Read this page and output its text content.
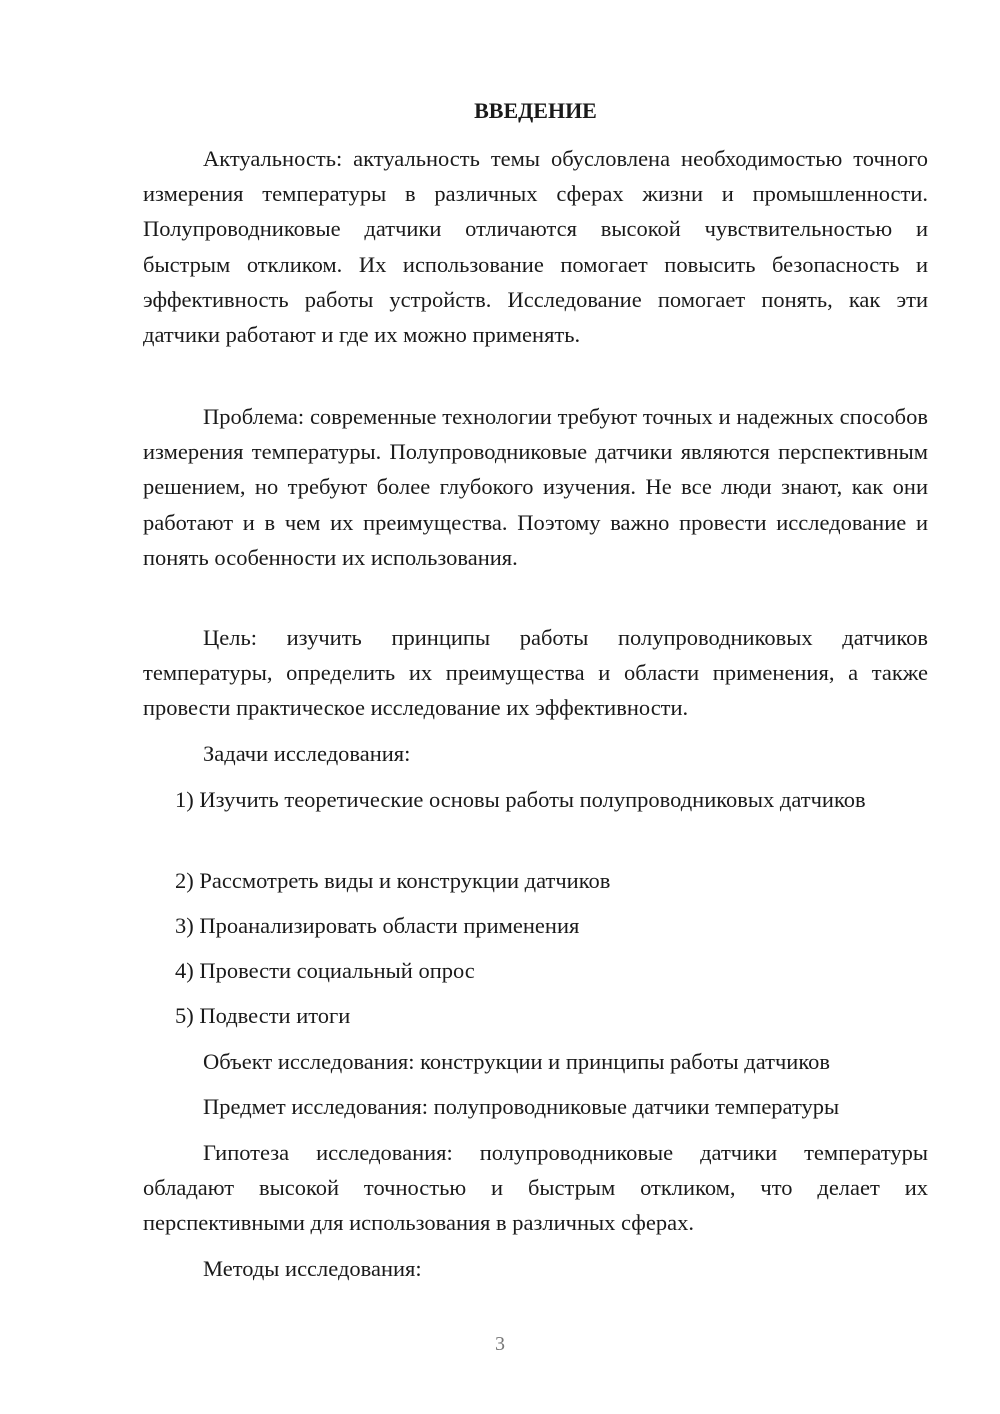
ВВЕДЕНИЕ

Актуальность: актуальность темы обусловлена необходимостью точного измерения температуры в различных сферах жизни и промышленности. Полупроводниковые датчики отличаются высокой чувствительностью и быстрым откликом. Их использование помогает повысить безопасность и эффективность работы устройств. Исследование помогает понять, как эти датчики работают и где их можно применять.

Проблема: современные технологии требуют точных и надежных способов измерения температуры. Полупроводниковые датчики являются перспективным решением, но требуют более глубокого изучения. Не все люди знают, как они работают и в чем их преимущества. Поэтому важно провести исследование и понять особенности их использования.

Цель: изучить принципы работы полупроводниковых датчиков температуры, определить их преимущества и области применения, а также провести практическое исследование их эффективности.

Задачи исследования:

1) Изучить теоретические основы работы полупроводниковых датчиков

2) Рассмотреть виды и конструкции датчиков

3) Проанализировать области применения

4) Провести социальный опрос

5) Подвести итоги

Объект исследования: конструкции и принципы работы датчиков

Предмет исследования: полупроводниковые датчики температуры

Гипотеза исследования: полупроводниковые датчики температуры обладают высокой точностью и быстрым откликом, что делает их перспективными для использования в различных сферах.

Методы исследования:

3
